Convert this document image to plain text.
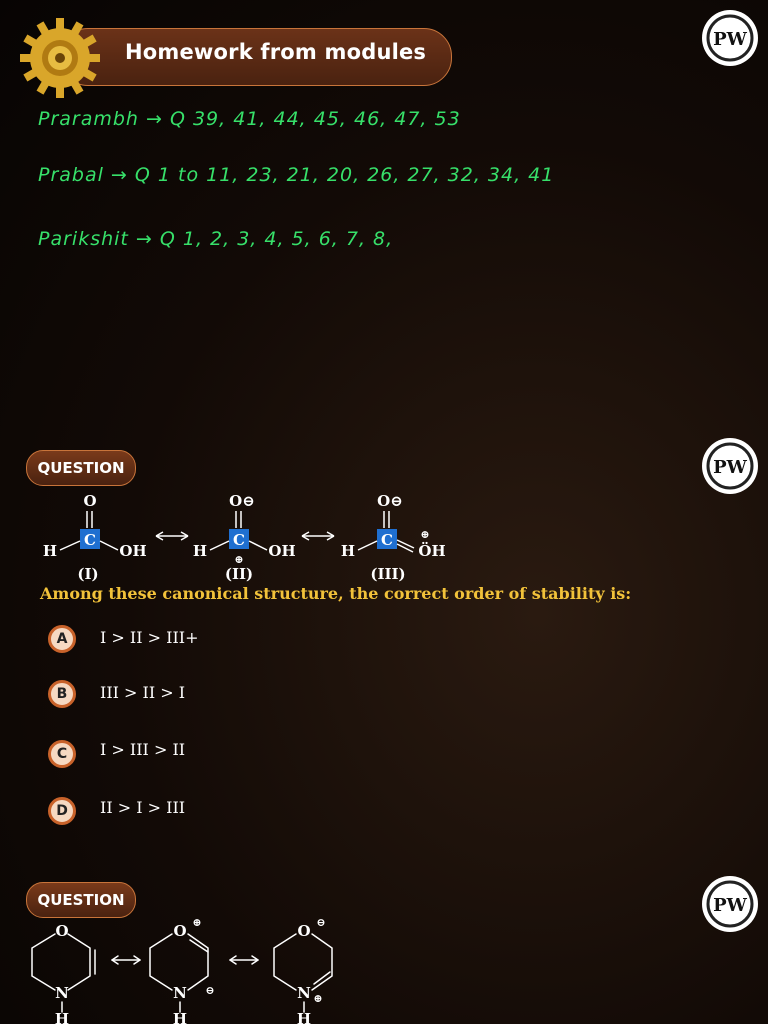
Homework from modules
PW
PW
PW
Prarambh → Q 39, 41, 44, 45, 46, 47, 53
Prabal → Q 1 to 11, 23, 21, 20, 26, 27, 32, 34, 41
Parikshit → Q 1, 2, 3, 4, 5, 6, 7, 8,
QUESTION
O
C
H	OH
(I)
O⊖
C
⊕
H	OH
(II)
O⊖
C
H
⊕
ÖH
(III)
Among these canonical structure, the correct order of stability is:
A	I > II > III+
B	III > II > I
C	I > III > II
D	II > I > III
QUESTION
O
N
H
O ⊕
N ⊖
H
O ⊖
N ⊕
H
